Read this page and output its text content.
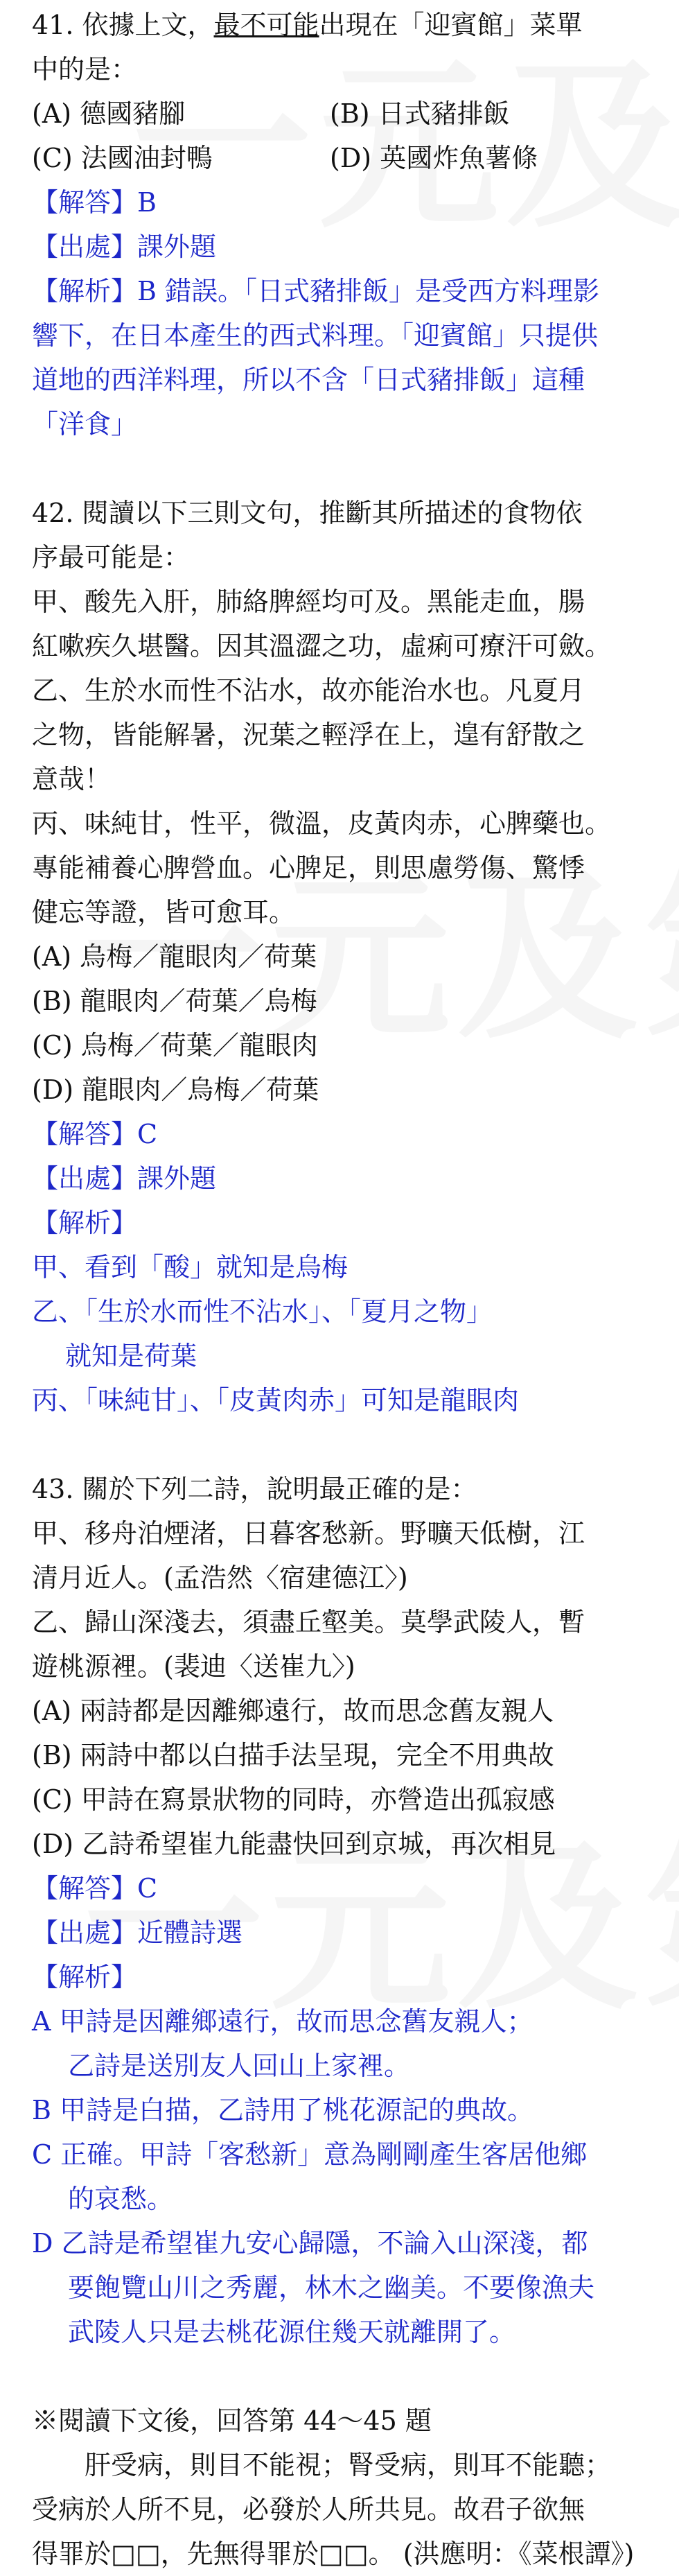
41. 依據上文，最不可能出現在「迎賓館」菜單
中的是：
(A) 德國豬腳	(B) 日式豬排飯
(C) 法國油封鴨	(D) 英國炸魚薯條
【解答】B
【出處】課外題
【解析】B 錯誤。「日式豬排飯」是受西方料理影
響下，在日本產生的西式料理。「迎賓館」只提供
道地的西洋料理，所以不含「日式豬排飯」這種
「洋食」
42. 閱讀以下三則文句，推斷其所描述的食物依
序最可能是：
甲、酸先入肝，肺絡脾經均可及。黑能走血，腸
紅嗽疾久堪醫。因其溫澀之功，虛痢可療汗可斂。
乙、生於水而性不沾水，故亦能治水也。凡夏月
之物，皆能解暑，況葉之輕浮在上，遑有舒散之
意哉！
丙、味純甘，性平，微溫，皮黃肉赤，心脾藥也。
專能補養心脾營血。心脾足，則思慮勞傷、驚悸
健忘等證，皆可愈耳。
(A) 烏梅／龍眼肉／荷葉
(B) 龍眼肉／荷葉／烏梅
(C) 烏梅／荷葉／龍眼肉
(D) 龍眼肉／烏梅／荷葉
【解答】C
【出處】課外題
【解析】
甲、看到「酸」就知是烏梅
乙、「生於水而性不沾水」、「夏月之物」
就知是荷葉
丙、「味純甘」、「皮黃肉赤」可知是龍眼肉
43. 關於下列二詩，說明最正確的是：
甲、移舟泊煙渚，日暮客愁新。野曠天低樹，江
清月近人。(孟浩然〈宿建德江〉)
乙、歸山深淺去，須盡丘壑美。莫學武陵人，暫
遊桃源裡。(裴迪〈送崔九〉)
(A) 兩詩都是因離鄉遠行，故而思念舊友親人
(B) 兩詩中都以白描手法呈現，完全不用典故
(C) 甲詩在寫景狀物的同時，亦營造出孤寂感
(D) 乙詩希望崔九能盡快回到京城，再次相見
【解答】C
【出處】近體詩選
【解析】
A 甲詩是因離鄉遠行，故而思念舊友親人；
乙詩是送別友人回山上家裡。
B 甲詩是白描，乙詩用了桃花源記的典故。
C 正確。甲詩「客愁新」意為剛剛產生客居他鄉
的哀愁。
D 乙詩是希望崔九安心歸隱，不論入山深淺，都
要飽覽山川之秀麗，林木之幽美。不要像漁夫
武陵人只是去桃花源住幾天就離開了。
※閱讀下文後，回答第 44～45 題
肝受病，則目不能視；腎受病，則耳不能聽；
受病於人所不見，必發於人所共見。故君子欲無
得罪於□□，先無得罪於□□。 (洪應明：《菜根譚》)
